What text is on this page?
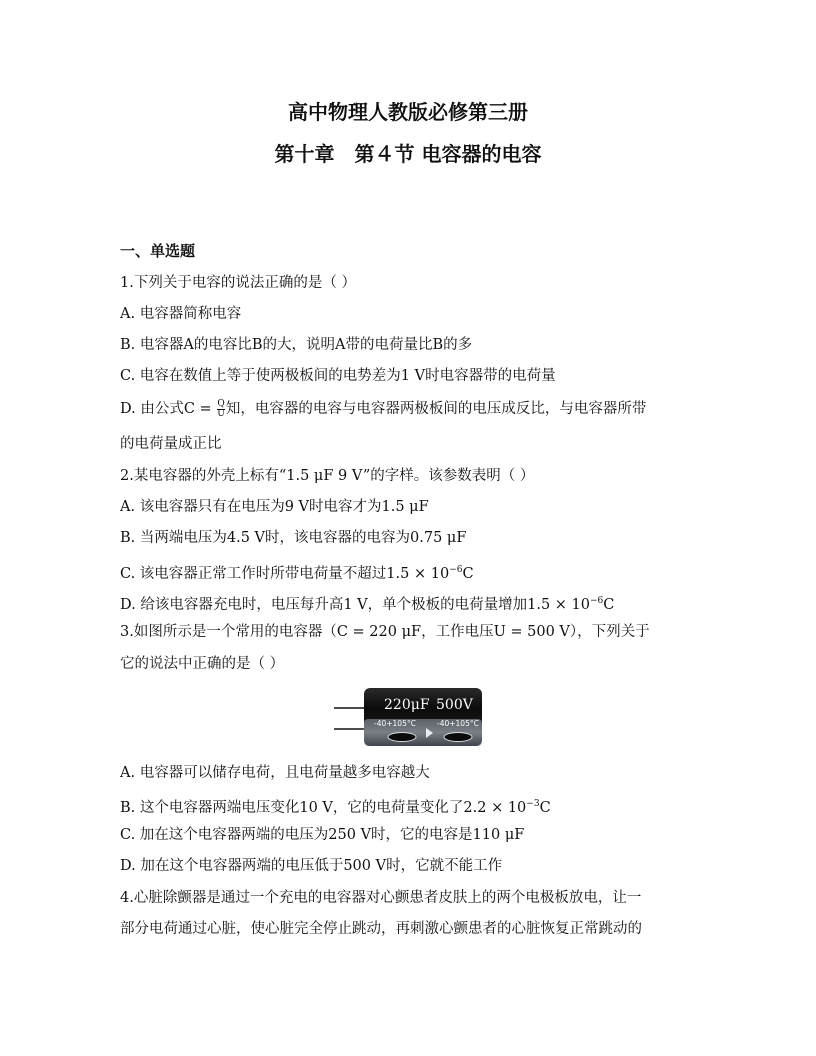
高中物理人教版必修第三册
第十章　第４节 电容器的电容
一、单选题
1.下列关于电容的说法正确的是（ ）
A. 电容器简称电容
B. 电容器A的电容比B的大，说明A带的电荷量比B的多
C. 电容在数值上等于使两极板间的电势差为1 V时电容器带的电荷量
D. 由公式$C = \frac{Q}{U}$ 知，电容器的电容与电容器两极板间的电压成反比，与电容器所带
的电荷量成正比
2.某电容器的外壳上标有“1.5 μF 9 V”的字样。该参数表明（ ）
A. 该电容器只有在电压为9 V时电容才为1.5 μF
B. 当两端电压为4.5 V时，该电容器的电容为0.75 μF
C. 该电容器正常工作时所带电荷量不超过$1.5 \times 10^{-6}C$
D. 给该电容器充电时，电压每升高1 V，单个极板的电荷量增加$1.5 \times 10^{-6}C$
3.如图所示是一个常用的电容器（C = 220 μF，工作电压U = 500 V），下列关于
它的说法中正确的是（ ）
220μF 500V
-40+105°C	-40+105°C
A. 电容器可以储存电荷，且电荷量越多电容越大
B. 这个电容器两端电压变化10 V，它的电荷量变化了$2.2 \times 10^{-3}C$
C. 加在这个电容器两端的电压为250 V时，它的电容是110 μF
D. 加在这个电容器两端的电压低于500 V时，它就不能工作
4.心脏除颤器是通过一个充电的电容器对心颤患者皮肤上的两个电极板放电，让一
部分电荷通过心脏，使心脏完全停止跳动，再刺激心颤患者的心脏恢复正常跳动的
